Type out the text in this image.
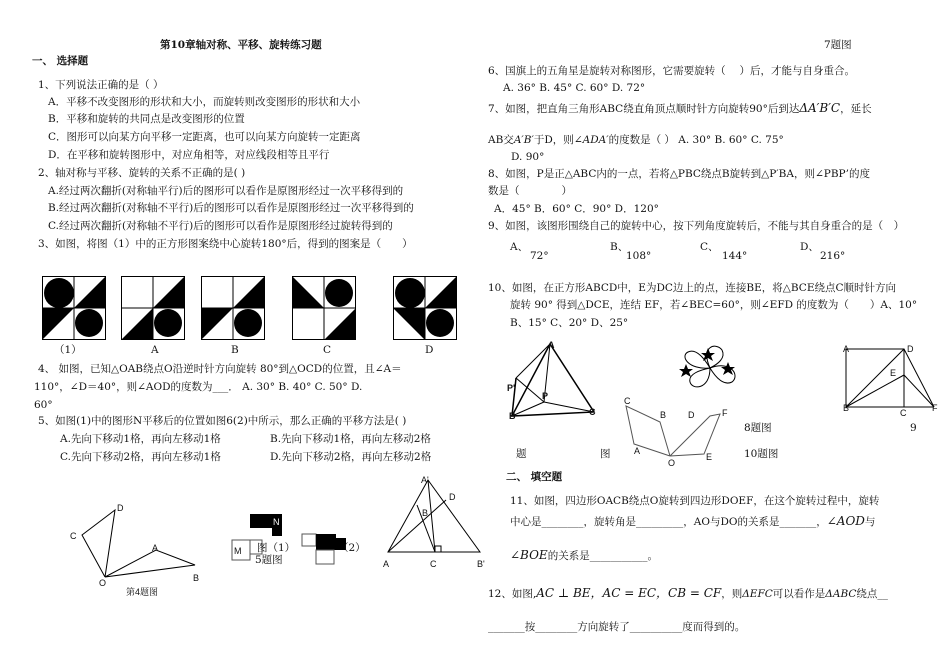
第10章轴对称、平移、旋转练习题
一、 选择题
1、下列说法正确的是（ ）
A．平移不改变图形的形状和大小，而旋转则改变图形的形状和大小
B．平移和旋转的共同点是改变图形的位置
C．图形可以向某方向平移一定距离，也可以向某方向旋转一定距离
D．在平移和旋转图形中，对应角相等，对应线段相等且平行
2、轴对称与平移、旋转的关系不正确的是( )
A.经过两次翻折(对称轴平行)后的图形可以看作是原图形经过一次平移得到的
B.经过两次翻折(对称轴不平行)后的图形可以看作是原图形经过一次平移得到的
C.经过两次翻折(对称轴不平行)后的图形可以看作是原图形经过旋转得到的
3、如图，将图（1）中的正方形图案绕中心旋转180°后，得到的图案是（　　）
（1）	A	B	C	D
4、 如图，已知△OAB绕点O沿逆时针方向旋转 80°到△OCD的位置，且∠A＝
110°，∠D＝40°，则∠AOD的度数为___． A. 30° B. 40° C. 50° D.
60°
5、如图(1)中的图形N平移后的位置如图6(2)中所示，那么正确的平移方法是( )
A.先向下移动1格，再向左移动1格	B.先向下移动1格，再向左移动2格
C.先向下移动2格，再向左移动1格	D.先向下移动2格，再向左移动2格
D
C
A
O	B
第4题图
N
M 图（1）
5题图
（2）
A'
D
B
A	C	B'
7题图
6、国旗上的五角星是旋转对称图形，它需要旋转（　 ）后，才能与自身重合。
A. 36° B. 45° C. 60° D. 72°
7、如图，把直角三角形ABC绕直角顶点顺时针方向旋转90°后到达ΔA′B′C，延长
AB交A′B′于D，则∠ADA′的度数是（ ） A. 30° B. 60° C. 75°
D. 90°
8、如图，P是正△ABC内的一点，若将△PBC绕点B旋转到△P′BA，则∠PBP’的度
数是（　　　　）
A．45° B．60° C．90° D．120°
9、如图，该图形围绕自己的旋转中心，按下列角度旋转后，不能与其自身重合的是（　）
A、
72°
B、
108°
C、
144°
D、
216°
10、如图，在正方形ABCD中，E为DC边上的点，连接BE，将△BCE绕点C顺时针方向
旋转 90° 得到△DCE，连结 EF，若∠BEC=60°，则∠EFD 的度数为（　　）A、10°
B、15° C、20° D、25°
A
P'
P
B	C
题	图
C
B D	F
A
O
E
8题图
10题图
A	D
E
B	C	F
9
二、 填空题
11、如图，四边形OACB绕点O旋转到四边形DOEF，在这个旋转过程中，旋转
中心是________，旋转角是_________，AO与DO的关系是_______，∠AOD与
∠BOE的关系是___________。
12、如图,AC ⊥ BE，AC = EC，CB = CF，则ΔEFC可以看作是ΔABC绕点__
_______按________方向旋转了__________度而得到的。
